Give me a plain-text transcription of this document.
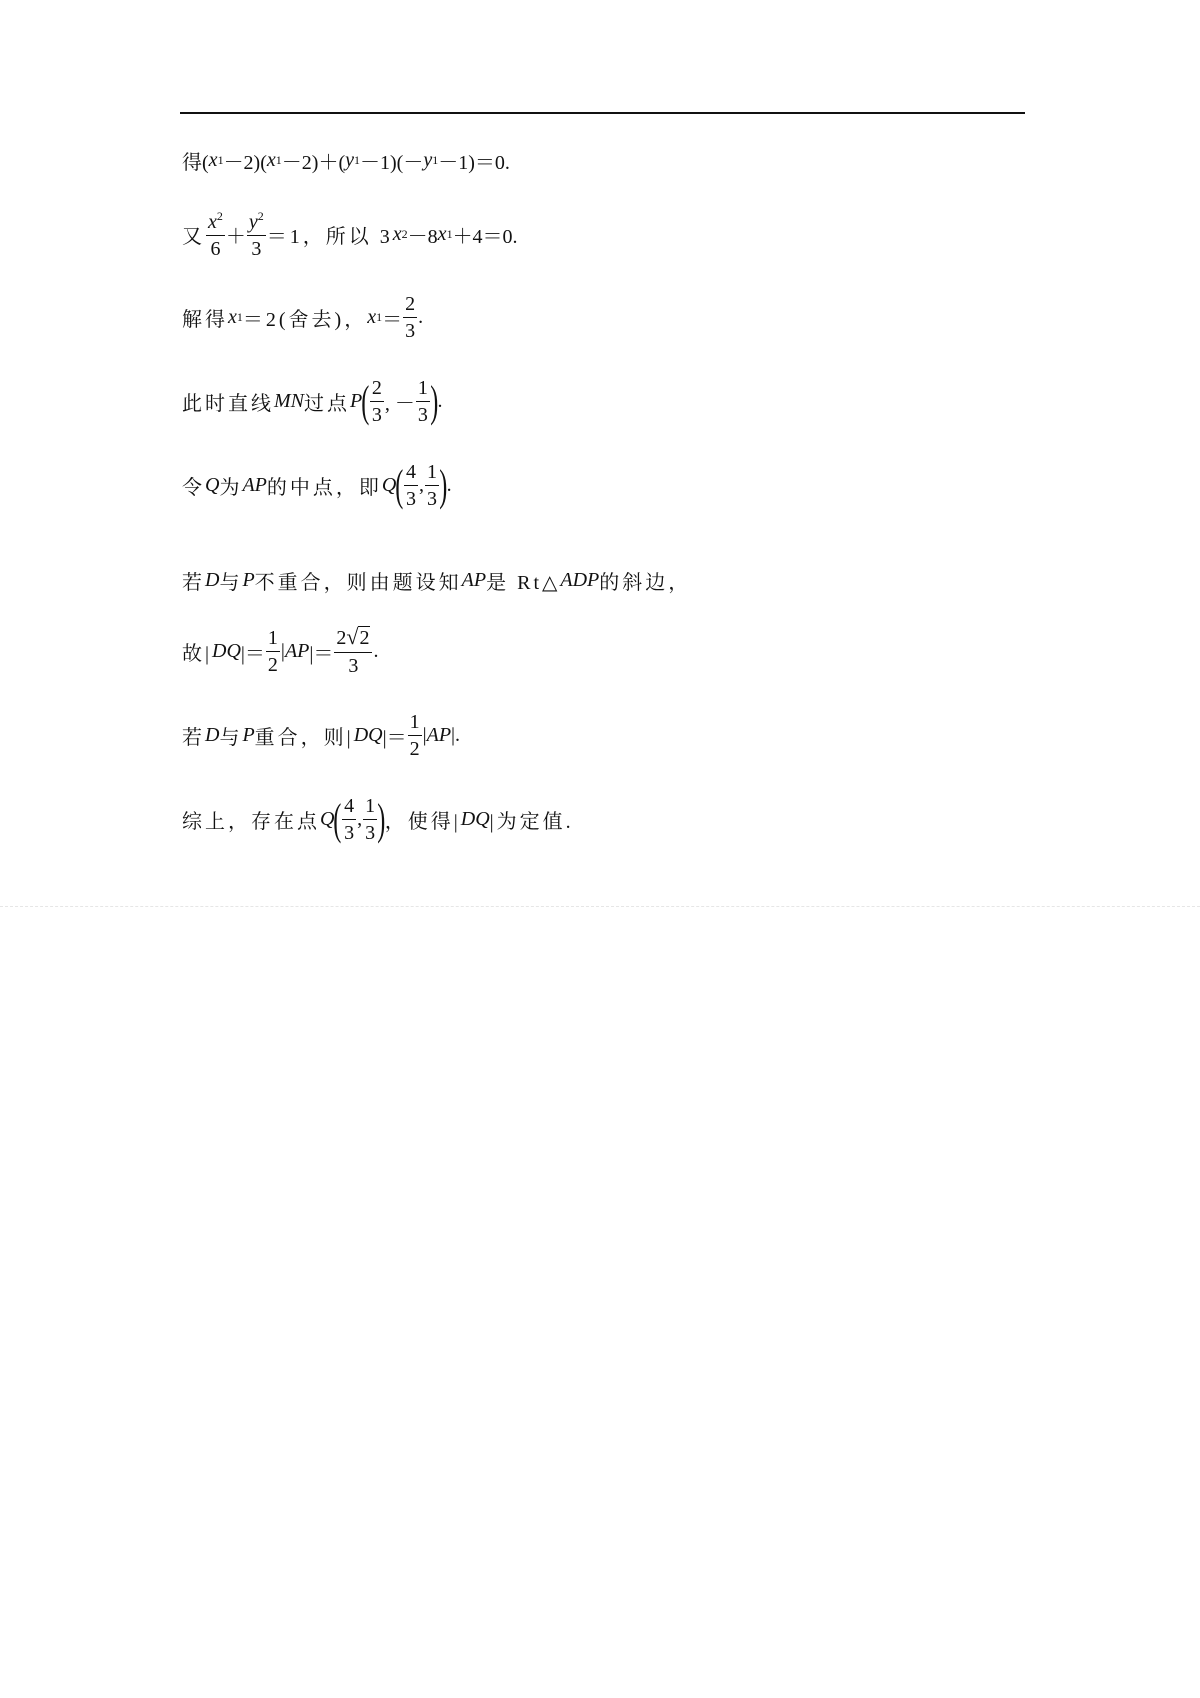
得( x 1 －2)( x 1 －2)＋( y 1 －1)(－ y 1 －1)＝0.
又 $\frac{x^2}{6} + \frac{y^2}{3} =1$，所以 3 x 2 －8 x 1 ＋4＝0.
解得 x 1 ＝2(舍去)， x $1 = \frac{2}{3}$ .
此时直线 MN 过点 P ( $\frac{2}{3}$ , － $\frac{1}{3}$ ) .
令 Q 为 AP 的中点，即 Q ( $\frac{4}{3}$ , $\frac{1}{3}$ ) .
若 D 与 P 不重合，则由题设知 AP 是 Rt△ ADP 的斜边，
故| DQ |＝ $\frac{1}{2}$ | AP |＝ $\frac{2 √ 2}{3}$ .
若 D 与 P 重合，则| DQ |＝ $\frac{1}{2}$ | AP |.
综上，存在点 Q ( $\frac{4}{3}$ , $\frac{1}{3}$ ) ，使得| DQ |为定值.
